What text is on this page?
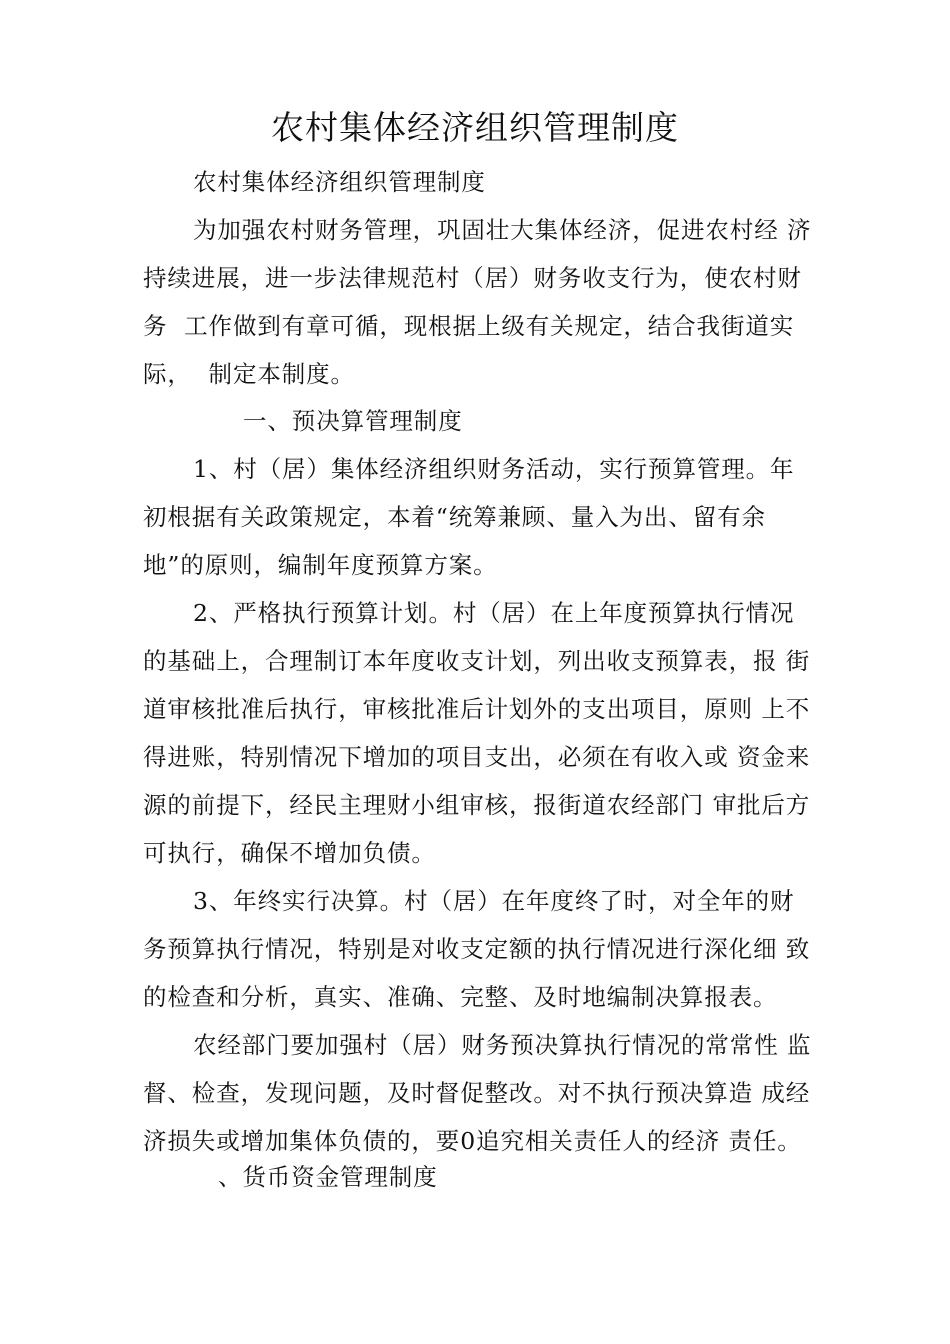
农村集体经济组织管理制度
农村集体经济组织管理制度
为加强农村财务管理，巩固壮大集体经济，促进农村经 济
持续进展，进一步法律规范村（居）财务收支行为，使农村财
务  工作做到有章可循，现根据上级有关规定，结合我街道实
际，  制定本制度。
一、预决算管理制度
1、村（居）集体经济组织财务活动，实行预算管理。年
初根据有关政策规定，本着“统筹兼顾、量入为出、留有余
地”的原则，编制年度预算方案。
2、严格执行预算计划。村（居）在上年度预算执行情况
的基础上，合理制订本年度收支计划，列出收支预算表，报 街
道审核批准后执行，审核批准后计划外的支出项目，原则 上不
得进账，特别情况下增加的项目支出，必须在有收入或 资金来
源的前提下，经民主理财小组审核，报街道农经部门 审批后方
可执行，确保不增加负债。
3、年终实行决算。村（居）在年度终了时，对全年的财
务预算执行情况，特别是对收支定额的执行情况进行深化细 致
的检查和分析，真实、准确、完整、及时地编制决算报表。
农经部门要加强村（居）财务预决算执行情况的常常性 监
督、检查，发现问题，及时督促整改。对不执行预决算造 成经
济损失或增加集体负债的，要0追究相关责任人的经济 责任。
、货币资金管理制度
